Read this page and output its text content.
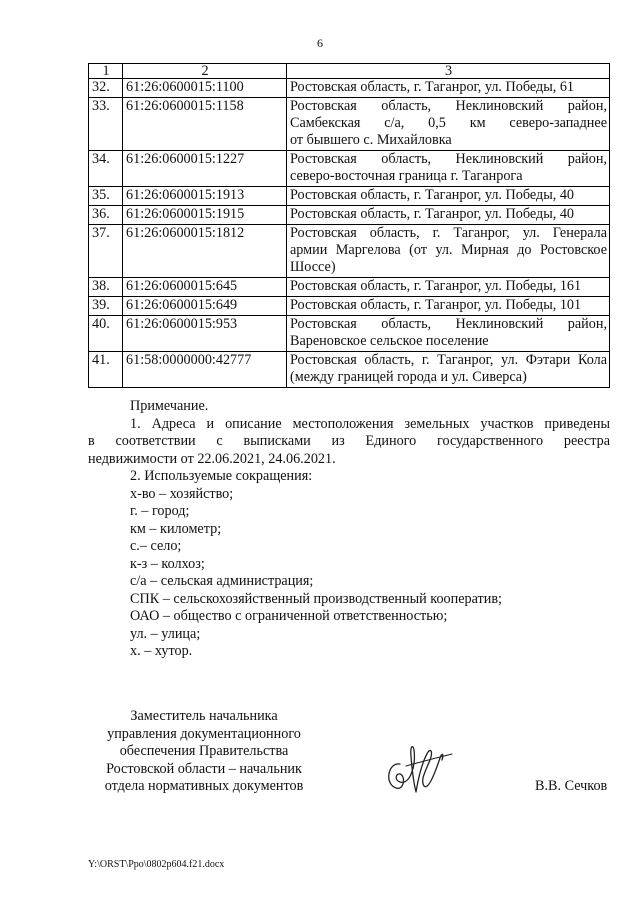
6
1	2	3
32.	61:26:0600015:1100	Ростовская область, г. Таганрог, ул. Победы, 61
33.	61:26:0600015:1158	Ростовская область, Неклиновский район,
Самбекская с/а, 0,5 км северо-западнее
от бывшего с. Михайловка

34.	61:26:0600015:1227	Ростовская область, Неклиновский район,
северо-восточная граница г. Таганрога

35.	61:26:0600015:1913	Ростовская область, г. Таганрог, ул. Победы, 40
36.	61:26:0600015:1915	Ростовская область, г. Таганрог, ул. Победы, 40
37.	61:26:0600015:1812	Ростовская область, г. Таганрог, ул. Генерала
армии Маргелова (от ул. Мирная до Ростовское
Шоссе)

38.	61:26:0600015:645	Ростовская область, г. Таганрог, ул. Победы, 161
39.	61:26:0600015:649	Ростовская область, г. Таганрог, ул. Победы, 101
40.	61:26:0600015:953	Ростовская область, Неклиновский район,
Вареновское сельское поселение

41.	61:58:0000000:42777	Ростовская область, г. Таганрог, ул. Фэтари Кола
(между границей города и ул. Сиверса)

Примечание.

1. Адреса и описание местоположения земельных участков приведены
в соответствии с выписками из Единого государственного реестра
недвижимости от 22.06.2021, 24.06.2021.

2. Используемые сокращения:

х-во – хозяйство;

г. – город;

км – километр;

с.– село;

к-з – колхоз;

с/а – сельская администрация;

СПК – сельскохозяйственный производственный кооператив;

ОАО – общество с ограниченной ответственностью;

ул. – улица;

х. – хутор.

Заместитель начальника

управления документационного

обеспечения Правительства

Ростовской области – начальник

отдела нормативных документов	В.В. Сечков
Y:\ORST\Ppo\0802p604.f21.docx
